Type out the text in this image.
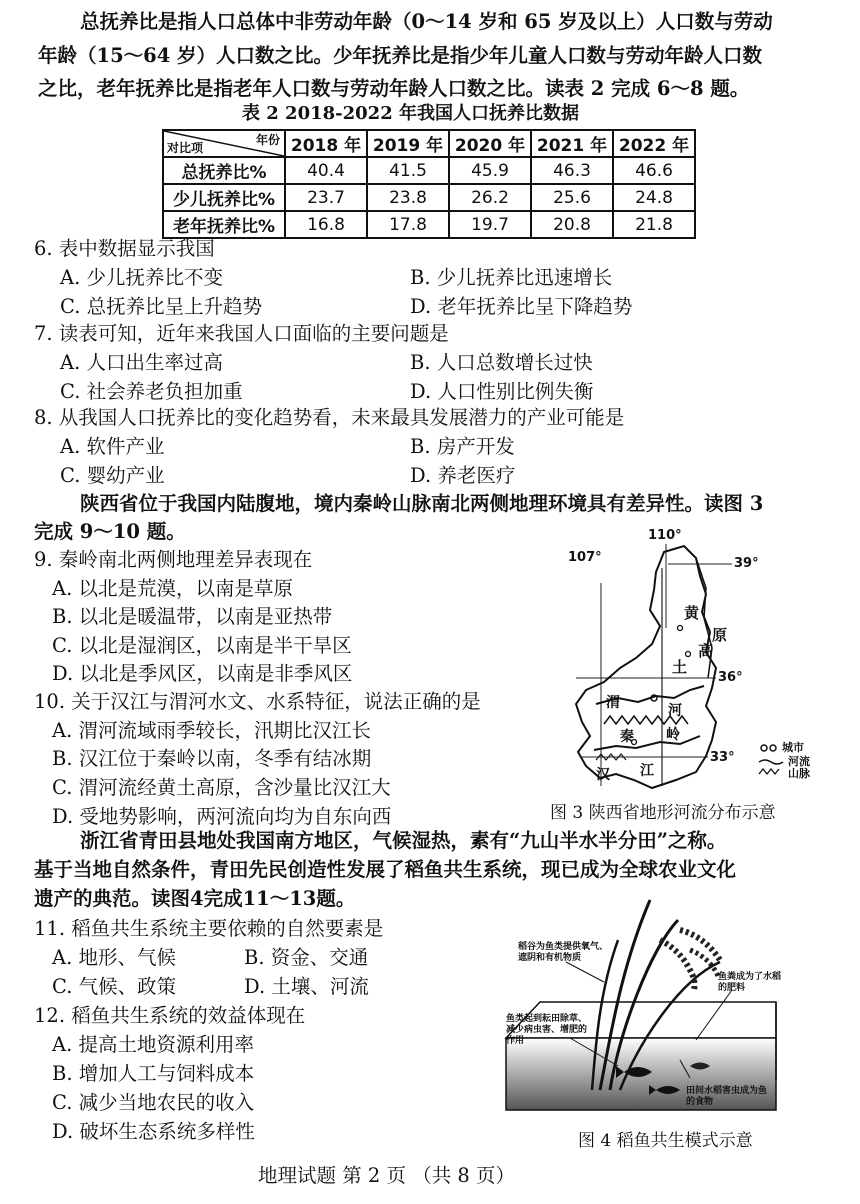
总抚养比是指人口总体中非劳动年龄（0～14 岁和 65 岁及以上）人口数与劳动
年龄（15～64 岁）人口数之比。少年抚养比是指少年儿童人口数与劳动年龄人口数
之比，老年抚养比是指老年人口数与劳动年龄人口数之比。读表 2 完成 6～8 题。
表 2 2018-2022 年我国人口抚养比数据
年份
对比项	2018 年	2019 年	2020 年	2021 年	2022 年
总抚养比%	40.4	41.5	45.9	46.3	46.6
少儿抚养比%	23.7	23.8	26.2	25.6	24.8
老年抚养比%	16.8	17.8	19.7	20.8	21.8
6. 表中数据显示我国
A. 少儿抚养比不变	B. 少儿抚养比迅速增长
C. 总抚养比呈上升趋势	D. 老年抚养比呈下降趋势
7. 读表可知，近年来我国人口面临的主要问题是
A. 人口出生率过高	B. 人口总数增长过快
C. 社会养老负担加重	D. 人口性别比例失衡
8. 从我国人口抚养比的变化趋势看，未来最具发展潜力的产业可能是
A. 软件产业	B. 房产开发
C. 婴幼产业	D. 养老医疗
陕西省位于我国内陆腹地，境内秦岭山脉南北两侧地理环境具有差异性。读图 3
完成 9～10 题。
9. 秦岭南北两侧地理差异表现在
A. 以北是荒漠，以南是草原
B. 以北是暖温带，以南是亚热带
C. 以北是湿润区，以南是半干旱区
D. 以北是季风区，以南是非季风区
10. 关于汉江与渭河水文、水系特征，说法正确的是
A. 渭河流域雨季较长，汛期比汉江长
B. 汉江位于秦岭以南，冬季有结冰期
C. 渭河流经黄土高原，含沙量比汉江大
D. 受地势影响，两河流向均为自东向西
110°
107°	39°
36°
33°
黄
土
高
原
渭	河
秦 岭
汉 江
城市
河流
山脉
图 3 陕西省地形河流分布示意
浙江省青田县地处我国南方地区，气候湿热，素有“九山半水半分田”之称。
基于当地自然条件，青田先民创造性发展了稻鱼共生系统，现已成为全球农业文化
遗产的典范。读图4完成11～13题。
11. 稻鱼共生系统主要依赖的自然要素是
A. 地形、气候	B. 资金、交通
C. 气候、政策	D. 土壤、河流
12. 稻鱼共生系统的效益体现在
A. 提高土地资源利用率
B. 增加人工与饲料成本
C. 减少当地农民的收入
D. 破坏生态系统多样性
稻谷为鱼类提供氧气、遮阴和有机物质
鱼粪成为了水稻的肥料
鱼类起到耘田除草、减少病虫害、增肥的作用
田间水稻害虫成为鱼的食物
图 4 稻鱼共生模式示意
地理试题 第 2 页 （共 8 页）
